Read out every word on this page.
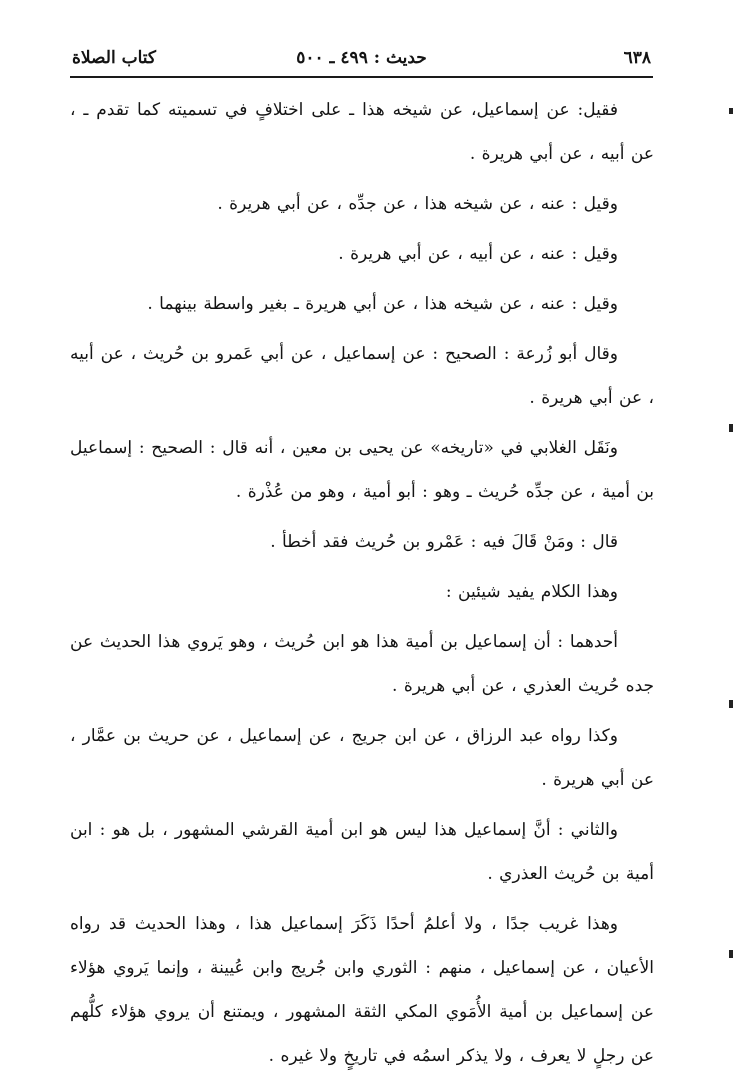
٦٣٨
حديث : ٤٩٩ ـ ٥٠٠
كتاب الصلاة

فقيل: عن إسماعيل، عن شيخه هذا ـ على اختلافٍ في تسميته كما تقدم ـ ، عن أبيه ، عن أبي هريرة .

وقيل : عنه ، عن شيخه هذا ، عن جدِّه ، عن أبي هريرة .

وقيل : عنه ، عن أبيه ، عن أبي هريرة .

وقيل : عنه ، عن شيخه هذا ، عن أبي هريرة ـ بغير واسطة بينهما .

وقال أبو زُرعة : الصحيح : عن إسماعيل ، عن أبي عَمرو بن حُريث ، عن أبيه ، عن أبي هريرة .

ونَقَل الغلابي في «تاريخه» عن يحيى بن معين ، أنه قال : الصحيح : إسماعيل بن أمية ، عن جدِّه حُريث ـ وهو : أبو أمية ، وهو من عُذْرة .

قال : ومَنْ قَالَ فيه : عَمْرو بن حُريث فقد أخطأ .

وهذا الكلام يفيد شيئين :

أحدهما : أن إسماعيل بن أمية هذا هو ابن حُريث ، وهو يَروي هذا الحديث عن جده حُريث العذري ، عن أبي هريرة .

وكذا رواه عبد الرزاق ، عن ابن جريج ، عن إسماعيل ، عن حريث بن عمَّار ، عن أبي هريرة .

والثاني : أنَّ إسماعيل هذا ليس هو ابن أمية القرشي المشهور ، بل هو : ابن أمية بن حُريث العذري .

وهذا غريب جدًا ، ولا أعلمُ أحدًا ذَكَرَ إسماعيل هذا ، وهذا الحديث قد رواه الأعيان ، عن إسماعيل ، منهم : الثوري وابن جُريج وابن عُيينة ، وإنما يَروي هؤلاء عن إسماعيل بن أمية الأُمَوي المكي الثقة المشهور ، ويمتنع أن يروي هؤلاء كلُّهم عن رجلٍ لا يعرف ، ولا يذكر اسمُه في تاريخٍ ولا غيره .
